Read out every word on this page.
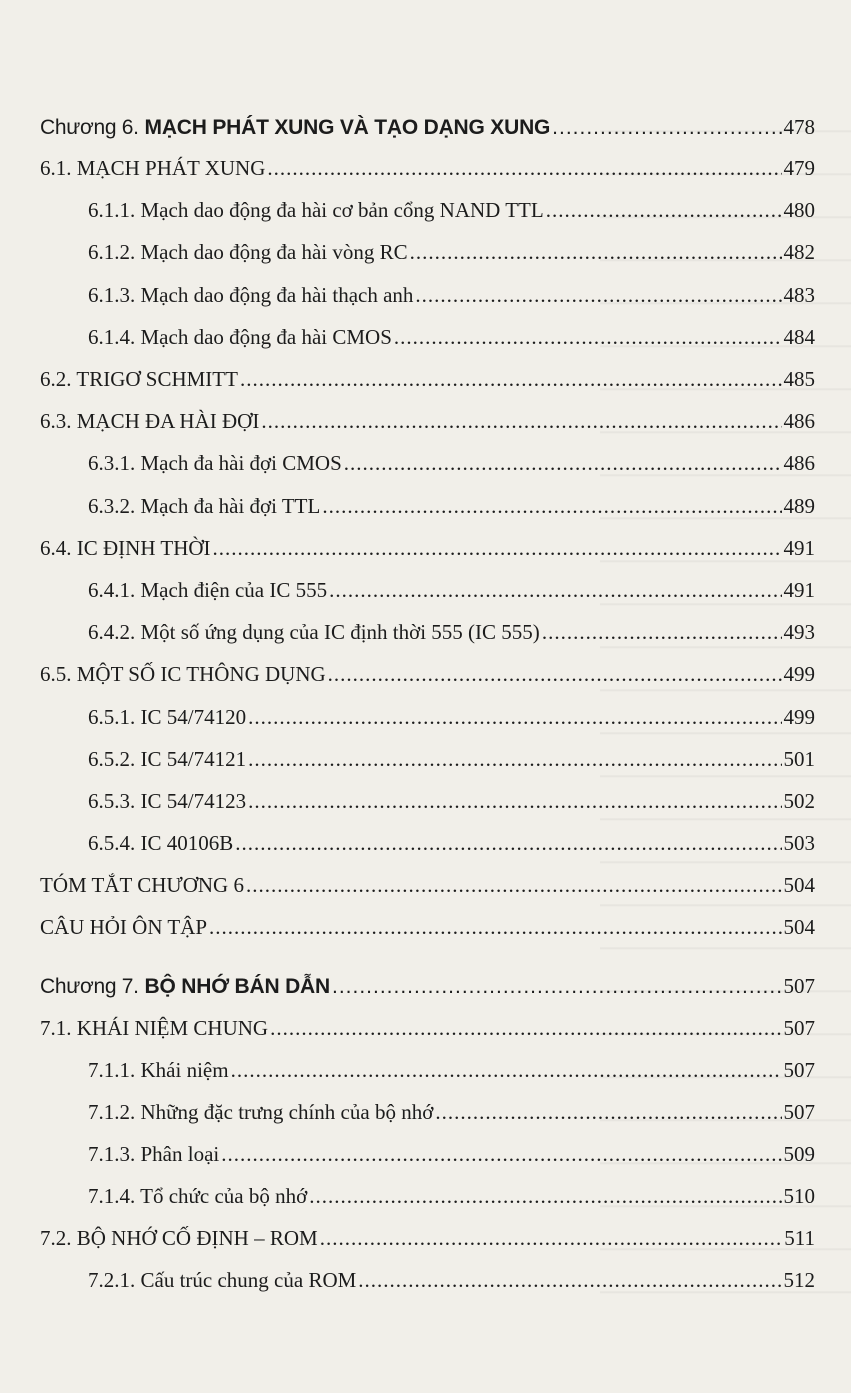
Chương 6. MẠCH PHÁT XUNG VÀ TẠO DẠNG XUNG .....	478
6.1. MẠCH PHÁT XUNG .....	479
6.1.1. Mạch dao động đa hài cơ bản cổng NAND TTL .....	480
6.1.2. Mạch dao động đa hài vòng RC .....	482
6.1.3. Mạch dao động đa hài thạch anh .....	483
6.1.4. Mạch dao động đa hài CMOS .....	484
6.2. TRIGƠ SCHMITT .....	485
6.3. MẠCH ĐA HÀI ĐỢI .....	486
6.3.1. Mạch đa hài đợi CMOS .....	486
6.3.2. Mạch đa hài đợi TTL .....	489
6.4. IC ĐỊNH THỜI .....	491
6.4.1. Mạch điện của IC 555 .....	491
6.4.2. Một số ứng dụng của IC định thời 555 (IC 555) .....	493
6.5. MỘT SỐ IC THÔNG DỤNG .....	499
6.5.1. IC 54/74120 .....	499
6.5.2. IC 54/74121 .....	501
6.5.3. IC 54/74123 .....	502
6.5.4. IC 40106B .....	503
TÓM TẮT CHƯƠNG 6 .....	504
CÂU HỎI ÔN TẬP .....	504
Chương 7. BỘ NHỚ BÁN DẪN .....	507
7.1. KHÁI NIỆM CHUNG .....	507
7.1.1. Khái niệm .....	507
7.1.2. Những đặc trưng chính của bộ nhớ .....	507
7.1.3. Phân loại .....	509
7.1.4. Tổ chức của bộ nhớ .....	510
7.2. BỘ NHỚ CỐ ĐỊNH – ROM .....	511
7.2.1. Cấu trúc chung của ROM .....	512
